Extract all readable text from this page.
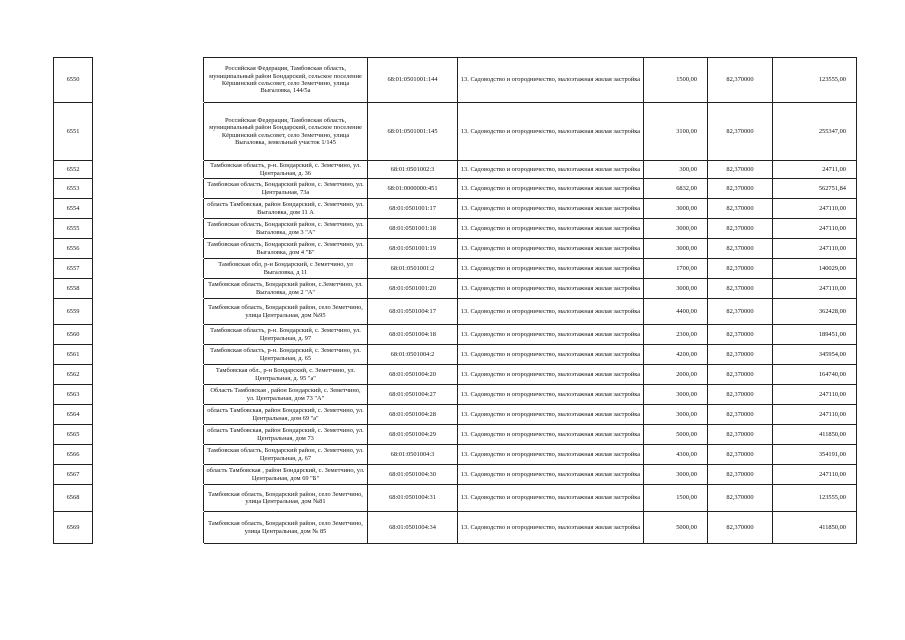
6550		Российская Федерация, Тамбовская область, муниципальный район Бондарский, сельское поселение Кёршинский сельсовет, село Земетчино, улица Выгаловка, 144/5а	68:01:0501001:144	13. Садоводство и огородничество, малоэтажная жилая застройка	1500,00	82,370000	123555,00
6551		Российская Федерация, Тамбовская область, муниципальный район Бондарский, сельское поселение Кёршинский сельсовет, село Земетчино, улица Выгаловка, земельный участок 1/145	68:01:0501001:145	13. Садоводство и огородничество, малоэтажная жилая застройка	3100,00	82,370000	255347,00
6552		Тамбовская область, р-н. Бондарский, с. Земетчино, ул. Центральная, д. 36	68:01:0501002:3	13. Садоводство и огородничество, малоэтажная жилая застройка	300,00	82,370000	24711,00
6553		Тамбовская область, Бондарский район, с. Земетчино, ул. Центральная, 73а	68:01:0000000:451	13. Садоводство и огородничество, малоэтажная жилая застройка	6832,00	82,370000	562751,84
6554		область Тамбовская, район Бондарский, с. Земетчино, ул. Выгаловка, дом 11 А	68:01:0501001:17	13. Садоводство и огородничество, малоэтажная жилая застройка	3000,00	82,370000	247110,00
6555		Тамбовская область, Бондарский район, с. Земетчино, ул. Выгаловка, дом 3 "А"	68:01:0501001:18	13. Садоводство и огородничество, малоэтажная жилая застройка	3000,00	82,370000	247110,00
6556		Тамбовская область, Бондарский район, с. Земетчино, ул. Выгаловка, дом 4 "Б"	68:01:0501001:19	13. Садоводство и огородничество, малоэтажная жилая застройка	3000,00	82,370000	247110,00
6557		Тамбовская обл, р-н Бондарский, с Земетчино, ул Выгаловка, д 11	68:01:0501001:2	13. Садоводство и огородничество, малоэтажная жилая застройка	1700,00	82,370000	140029,00
6558		Тамбовская область, Бондарский район, с.Земетчино, ул. Выгаловка, дом 2 "А"	68:01:0501001:20	13. Садоводство и огородничество, малоэтажная жилая застройка	3000,00	82,370000	247110,00
6559		Тамбовская область, Бондарский район, село Земетчино, улица Центральная, дом №95	68:01:0501004:17	13. Садоводство и огородничество, малоэтажная жилая застройка	4400,00	82,370000	362428,00
6560		Тамбовская область, р-н. Бондарский, с. Земетчино, ул. Центральная, д. 97	68:01:0501004:18	13. Садоводство и огородничество, малоэтажная жилая застройка	2300,00	82,370000	189451,00
6561		Тамбовская область, р-н. Бондарский, с. Земетчино, ул. Центральная, д. 65	68:01:0501004:2	13. Садоводство и огородничество, малоэтажная жилая застройка	4200,00	82,370000	345954,00
6562		Тамбовская обл., р-н Бондарский, с. Земетчино, ул. Центральная, д. 95 "а"	68:01:0501004:20	13. Садоводство и огородничество, малоэтажная жилая застройка	2000,00	82,370000	164740,00
6563		Область Тамбовская , район Бондарский, с. Земетчино, ул. Центральная, дом 73 "А"	68:01:0501004:27	13. Садоводство и огородничество, малоэтажная жилая застройка	3000,00	82,370000	247110,00
6564		область Тамбовская, район Бондарский, с. Земетчино, ул. Центральная, дом 69 "а"	68:01:0501004:28	13. Садоводство и огородничество, малоэтажная жилая застройка	3000,00	82,370000	247110,00
6565		область Тамбовская, район Бондарский, с. Земетчино, ул. Центральная, дом 73	68:01:0501004:29	13. Садоводство и огородничество, малоэтажная жилая застройка	5000,00	82,370000	411850,00
6566		Тамбовская область, Бондарский район, с. Земетчино, ул. Центральная, д. 67	68:01:0501004:3	13. Садоводство и огородничество, малоэтажная жилая застройка	4300,00	82,370000	354191,00
6567		область Тамбовская , район Бондарский, с. Земетчино, ул. Центральная, дом 69 "Б"	68:01:0501004:30	13. Садоводство и огородничество, малоэтажная жилая застройка	3000,00	82,370000	247110,00
6568		Тамбовская область, Бондарский район, село Земетчино, улица Центральная, дом №81	68:01:0501004:31	13. Садоводство и огородничество, малоэтажная жилая застройка	1500,00	82,370000	123555,00
6569		Тамбовская область, Бондарский район, село Земетчино, улица Центральная, дом № 85	68:01:0501004:34	13. Садоводство и огородничество, малоэтажная жилая застройка	5000,00	82,370000	411850,00
